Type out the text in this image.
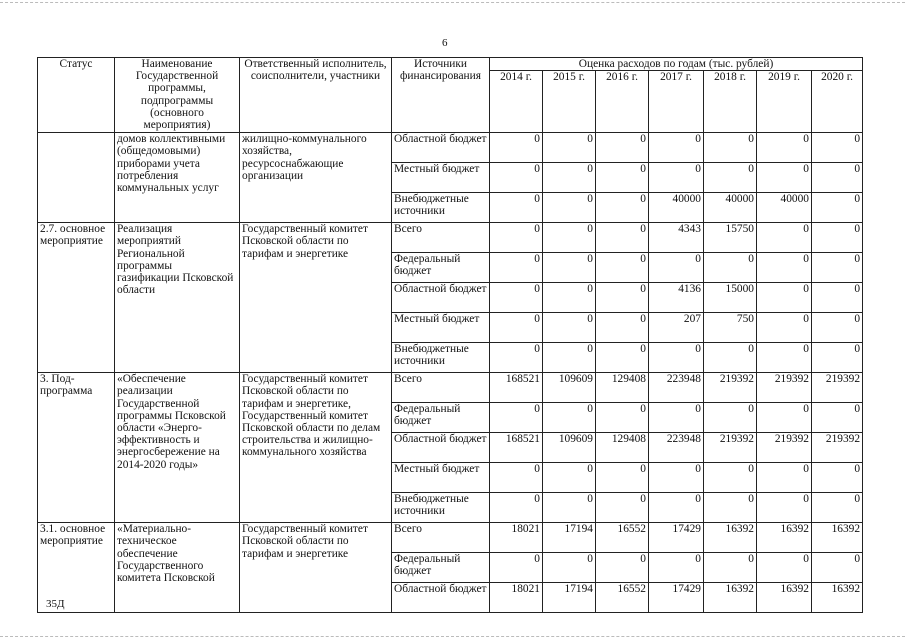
6
Статус	Наименование Государственной программы, подпрограммы (основного мероприятия)	Ответственный исполнитель, соисполнители, участники	Источники финансирования	Оценка расходов по годам (тыс. рублей)						
				2014 г.	2015 г.	2016 г.	2017 г.	2018 г.	2019 г.	2020 г.
	домов коллективными (общедомовыми) приборами учета потребления коммунальных услуг	жилищно-коммунального хозяйства, ресурсоснабжающие организации	Областной бюджет	0	0	0	0	0	0	0
			Местный бюджет	0	0	0	0	0	0	0
			Внебюджетные источники	0	0	0	40000	40000	40000	0
2.7. основное мероприятие	Реализация мероприятий Региональной программы газификации Псковской области	Государственный комитет Псковской области по тарифам и энергетике	Всего	0	0	0	4343	15750	0	0
			Федеральный бюджет	0	0	0	0	0	0	0
			Областной бюджет	0	0	0	4136	15000	0	0
			Местный бюджет	0	0	0	207	750	0	0
			Внебюджетные источники	0	0	0	0	0	0	0
3. Под-программа	«Обеспечение реализации Государственной программы Псковской области «Энерго-эффективность и энергосбережение на 2014-2020 годы»	Государственный комитет Псковской области по тарифам и энергетике, Государственный комитет Псковской области по делам строительства и жилищно-коммунального хозяйства	Всего	168521	109609	129408	223948	219392	219392	219392
			Федеральный бюджет	0	0	0	0	0	0	0
			Областной бюджет	168521	109609	129408	223948	219392	219392	219392
			Местный бюджет	0	0	0	0	0	0	0
			Внебюджетные источники	0	0	0	0	0	0	0
3.1. основное мероприятие	«Материально-техническое обеспечение Государственного комитета Псковской	Государственный комитет Псковской области по тарифам и энергетике	Всего	18021	17194	16552	17429	16392	16392	16392
			Федеральный бюджет	0	0	0	0	0	0	0
			Областной бюджет	18021	17194	16552	17429	16392	16392	16392
35Д
